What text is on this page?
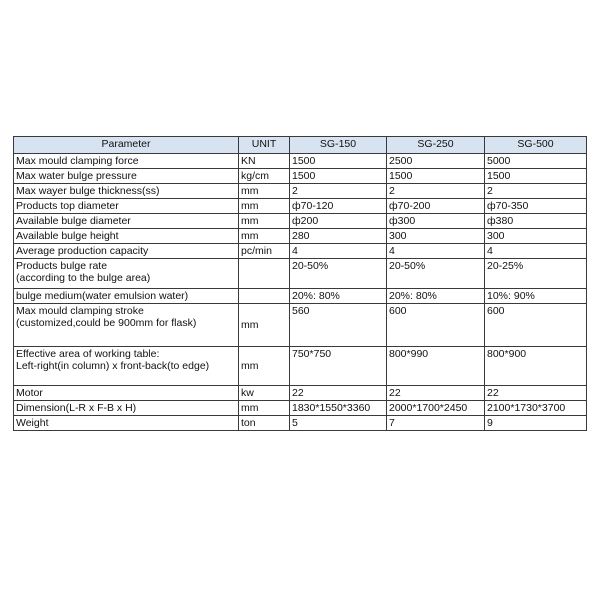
Parameter	UNIT	SG-150	SG-250	SG-500

Max mould clamping force	KN	1500	2500	5000

Max water bulge pressure	kg/cm	1500	1500	1500

Max wayer bulge thickness(ss)	mm	2	2	2

Products top diameter	mm	ф70-120	ф70-200	ф70-350

Available bulge diameter	mm	ф200	ф300	ф380

Available bulge height	mm	280	300	300

Average production capacity	pc/min	4	4	4

Products bulge rate
(according to the bulge area)		20-50%	20-50%	20-25%

bulge medium(water emulsion water)		20%: 80%	20%: 80%	10%: 90%

Max mould clamping stroke
(customized,could be 900mm for flask)	mm	560	600	600

Effective area of working table:
Left-right(in column) x front-back(to edge)	mm	750*750	800*990	800*900

Motor	kw	22	22	22

Dimension(L-R x F-B x H)	mm	1830*1550*3360	2000*1700*2450	2100*1730*3700

Weight	ton	5	7	9
